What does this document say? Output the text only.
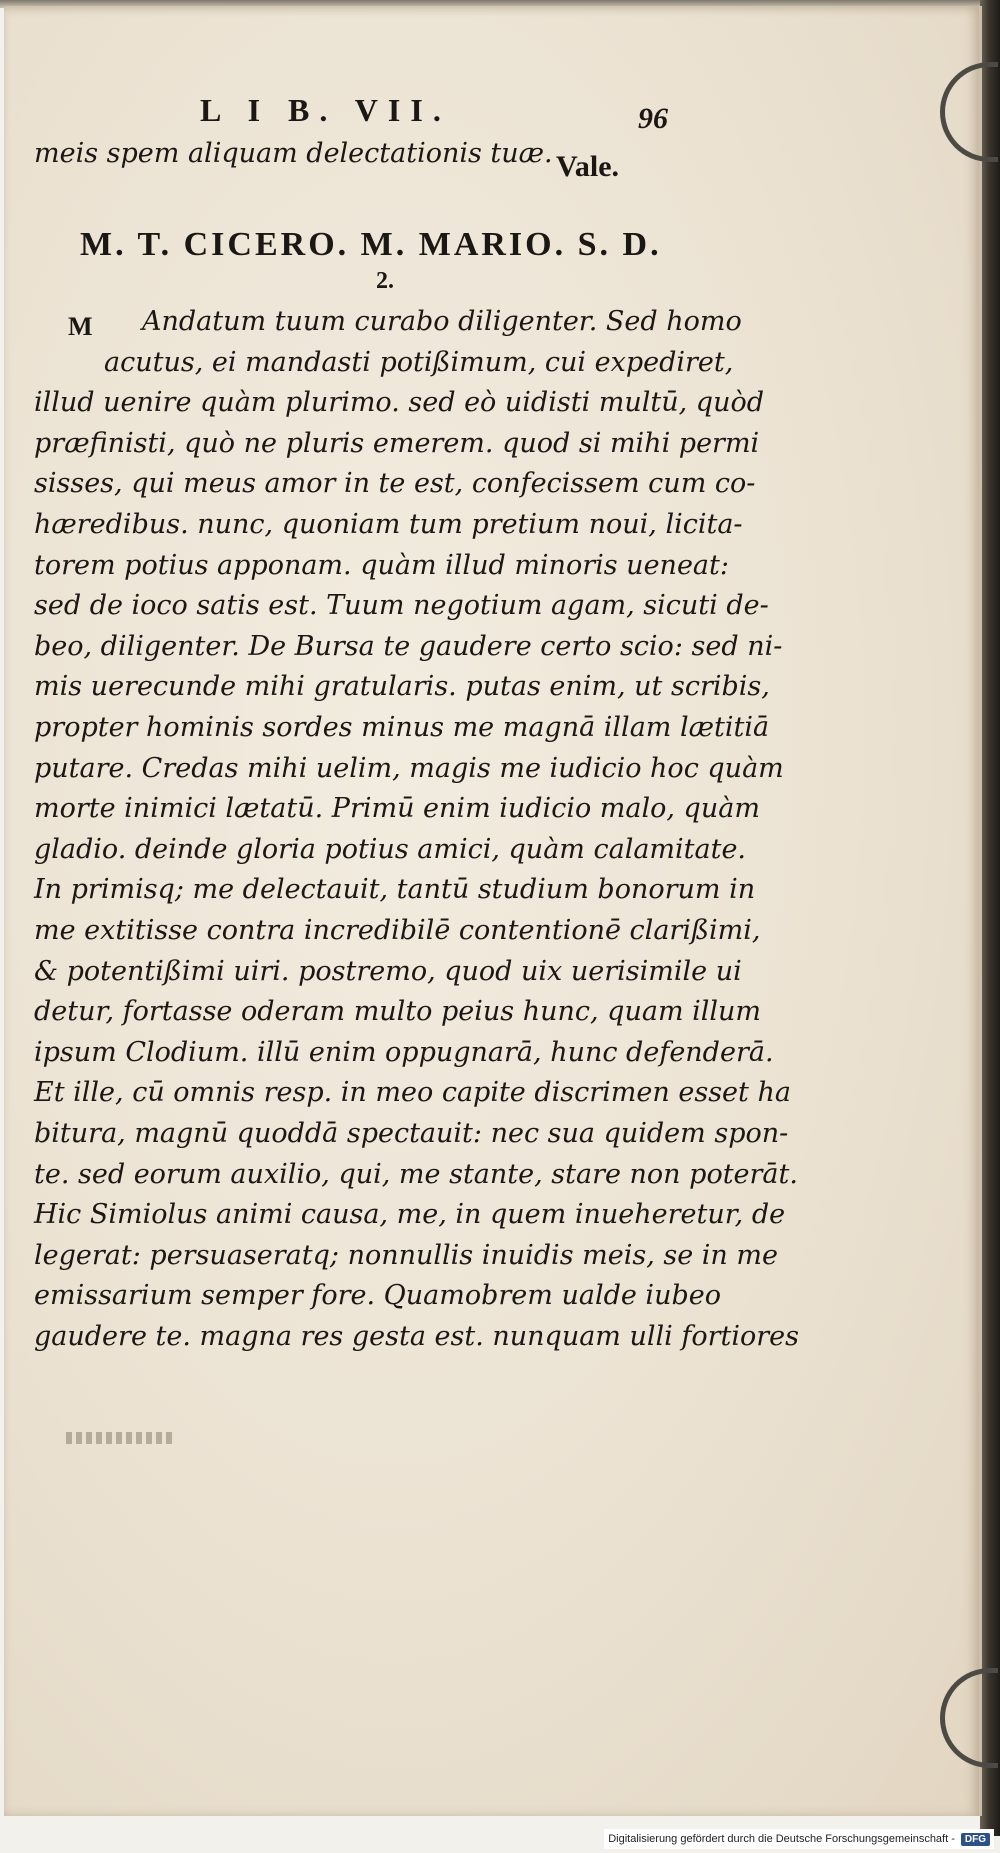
L I B. VII.	96
meis spem aliquam delectationis tuæ. Vale.
M. T. CICERO. M. MARIO. S. D.
2.
M Andatum tuum curabo diligenter. Sed homo
acutus, ei mandasti potißimum, cui expediret,
illud uenire quàm plurimo. sed eò uidisti multū, quòd
præfinisti, quò ne pluris emerem. quod si mihi permi
sisses, qui meus amor in te est, confecissem cum co-
hæredibus. nunc, quoniam tum pretium noui, licita-
torem potius apponam. quàm illud minoris ueneat:
sed de ioco satis est. Tuum negotium agam, sicuti de-
beo, diligenter. De Bursa te gaudere certo scio: sed ni-
mis uerecunde mihi gratularis. putas enim, ut scribis,
propter hominis sordes minus me magnā illam lætitiā
putare. Credas mihi uelim, magis me iudicio hoc quàm
morte inimici lætatū. Primū enim iudicio malo, quàm
gladio. deinde gloria potius amici, quàm calamitate.
In primisq; me delectauit, tantū studium bonorum in
me extitisse contra incredibilē contentionē clarißimi,
& potentißimi uiri. postremo, quod uix uerisimile ui
detur, fortasse oderam multo peius hunc, quam illum
ipsum Clodium. illū enim oppugnarā, hunc defenderā.
Et ille, cū omnis resp. in meo capite discrimen esset ha
bitura, magnū quoddā spectauit: nec sua quidem spon-
te. sed eorum auxilio, qui, me stante, stare non poterāt.
Hic Simiolus animi causa, me, in quem inueheretur, de
legerat: persuaseratq; nonnullis inuidis meis, se in me
emissarium semper fore. Quamobrem ualde iubeo
gaudere te. magna res gesta est. nunquam ulli fortiores
Digitalisierung gefördert durch die Deutsche Forschungsgemeinschaft -	DFG
